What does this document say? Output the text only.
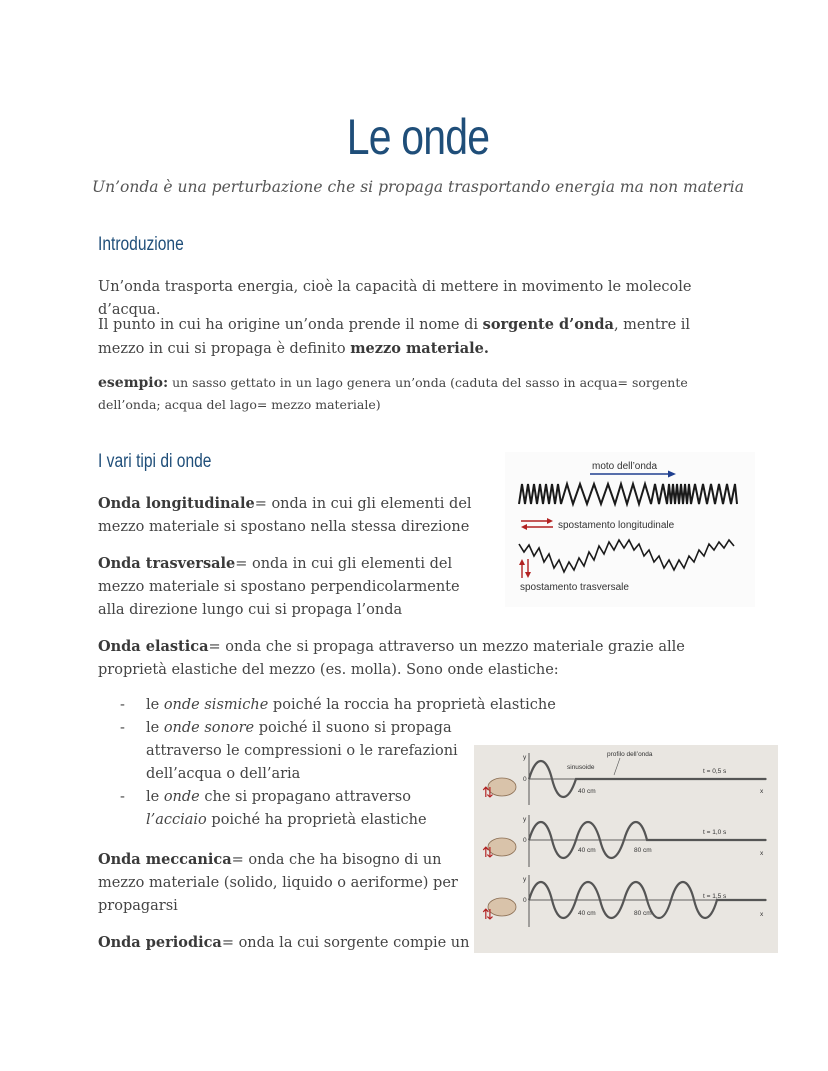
Le onde
Un’onda è una perturbazione che si propaga trasportando energia ma non materia
Introduzione

Un’onda trasporta energia, cioè la capacità di mettere in movimento le molecole d’acqua.

Il punto in cui ha origine un’onda prende il nome di sorgente d’onda, mentre il mezzo in cui si propaga è definito mezzo materiale.

esempio: un sasso gettato in un lago genera un’onda (caduta del sasso in acqua= sorgente dell’onda; acqua del lago= mezzo materiale)

I vari tipi di onde

Onda longitudinale= onda in cui gli elementi del mezzo materiale si spostano nella stessa direzione

Onda trasversale= onda in cui gli elementi del mezzo materiale si spostano perpendicolarmente alla direzione lungo cui si propaga l’onda

Onda elastica= onda che si propaga attraverso un mezzo materiale grazie alle proprietà elastiche del mezzo (es. molla). Sono onde elastiche:

- le onde sismiche poiché la roccia ha proprietà elastiche
- le onde sonore poiché il suono si propaga attraverso le compressioni o le rarefazioni dell’acqua o dell’aria
- le onde che si propagano attraverso l’acciaio poiché ha proprietà elastiche

Onda meccanica= onda che ha bisogno di un mezzo materiale (solido, liquido o aeriforme) per propagarsi

Onda periodica= onda la cui sorgente compie un

moto dell’onda
spostamento longitudinale
spostamento trasversale
profilo dell’onda
⇅
y
0
x
sinusoide
40 cm
t = 0,5 s
⇅
y
0
x
40 cm	80 cm
t = 1,0 s
⇅
y
0
x
40 cm	80 cm
t = 1,5 s
